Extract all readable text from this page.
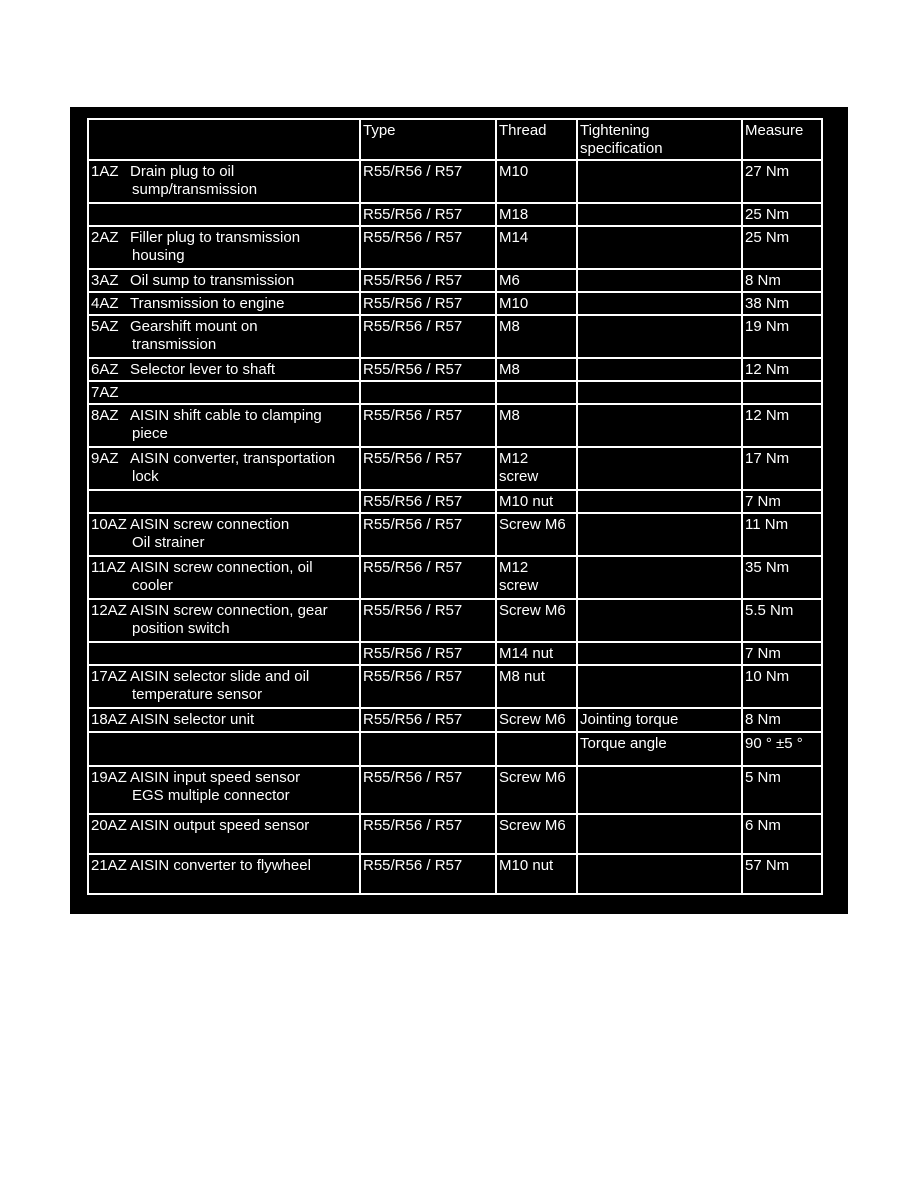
	Type	Thread	Tightening
specification	Measure
1AZ Drain plug to oil
sump/transmission	R55/R56 / R57	M10		27 Nm

	R55/R56 / R57	M18		25 Nm
2AZ Filler plug to transmission
housing	R55/R56 / R57	M14		25 Nm
3AZ Oil sump to transmission	R55/R56 / R57	M6		8 Nm
4AZ Transmission to engine	R55/R56 / R57	M10		38 Nm
5AZ Gearshift mount on
transmission	R55/R56 / R57	M8		19 Nm
6AZ Selector lever to shaft	R55/R56 / R57	M8		12 Nm
7AZ

8AZ AISIN shift cable to clamping
piece	R55/R56 / R57	M8		12 Nm
9AZ AISIN converter, transportation
lock	R55/R56 / R57	M12
screw		17 Nm

	R55/R56 / R57	M10 nut		7 Nm
10AZ AISIN screw connection
Oil strainer	R55/R56 / R57	Screw M6		11 Nm
11AZ AISIN screw connection, oil
cooler	R55/R56 / R57	M12
screw		35 Nm
12AZ AISIN screw connection, gear
position switch	R55/R56 / R57	Screw M6		5.5 Nm

	R55/R56 / R57	M14 nut		7 Nm
17AZ AISIN selector slide and oil
temperature sensor	R55/R56 / R57	M8 nut		10 Nm
18AZ AISIN selector unit	R55/R56 / R57	Screw M6	Jointing torque	8 Nm

			Torque angle	90 ° ±5 °
19AZ AISIN input speed sensor
EGS multiple connector	R55/R56 / R57	Screw M6		5 Nm
20AZ AISIN output speed sensor	R55/R56 / R57	Screw M6		6 Nm
21AZ AISIN converter to flywheel	R55/R56 / R57	M10 nut		57 Nm
